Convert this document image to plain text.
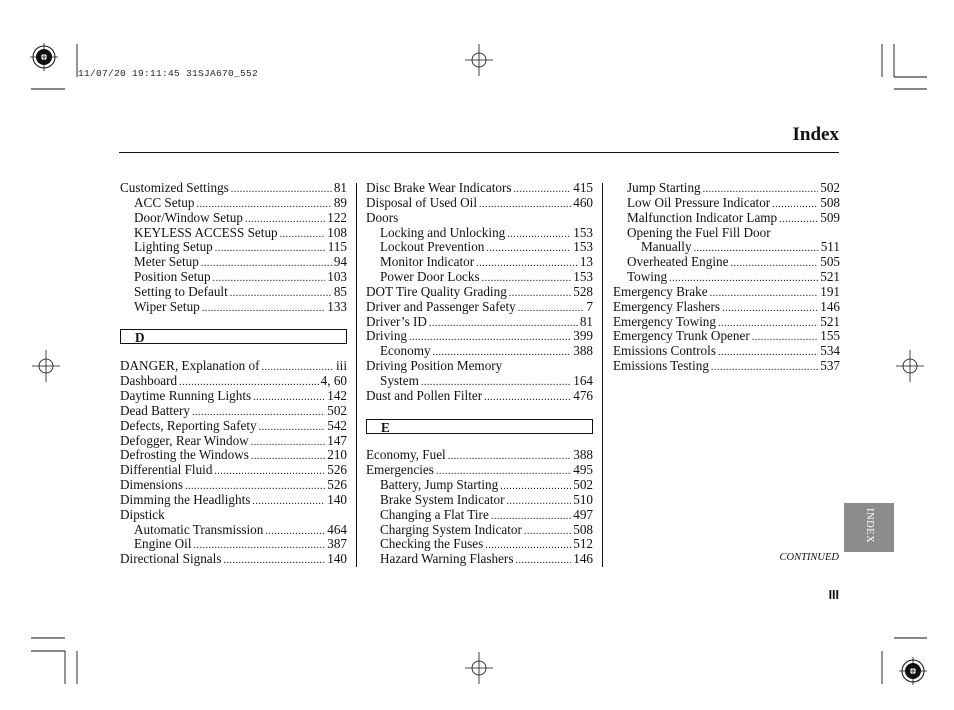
11/07/20 19:11:45 31SJA670_552
Index
Customized Settings .....	81
ACC Setup .....	89
Door/Window Setup .....	122
KEYLESS ACCESS Setup .....	108
Lighting Setup .....	115
Meter Setup .....	94
Position Setup .....	103
Setting to Default .....	85
Wiper Setup .....	133
D
DANGER, Explanation of .....	iii
Dashboard .....	4, 60
Daytime Running Lights .....	142
Dead Battery .....	502
Defects, Reporting Safety .....	542
Defogger, Rear Window .....	147
Defrosting the Windows .....	210
Differential Fluid .....	526
Dimensions .....	526
Dimming the Headlights .....	140
Dipstick
Automatic Transmission .....	464
Engine Oil .....	387
Directional Signals .....	140
Disc Brake Wear Indicators .....	415
Disposal of Used Oil .....	460
Doors
Locking and Unlocking .....	153
Lockout Prevention .....	153
Monitor Indicator .....	13
Power Door Locks .....	153
DOT Tire Quality Grading .....	528
Driver and Passenger Safety .....	7
Driver’s ID .....	81
Driving .....	399
Economy .....	388
Driving Position Memory
System .....	164
Dust and Pollen Filter .....	476
E
Economy, Fuel .....	388
Emergencies .....	495
Battery, Jump Starting .....	502
Brake System Indicator .....	510
Changing a Flat Tire .....	497
Charging System Indicator .....	508
Checking the Fuses .....	512
Hazard Warning Flashers .....	146
Jump Starting .....	502
Low Oil Pressure Indicator .....	508
Malfunction Indicator Lamp .....	509
Opening the Fuel Fill Door
Manually .....	511
Overheated Engine .....	505
Towing .....	521
Emergency Brake .....	191
Emergency Flashers .....	146
Emergency Towing .....	521
Emergency Trunk Opener .....	155
Emissions Controls .....	534
Emissions Testing .....	537
CONTINUED
III
INDEX
